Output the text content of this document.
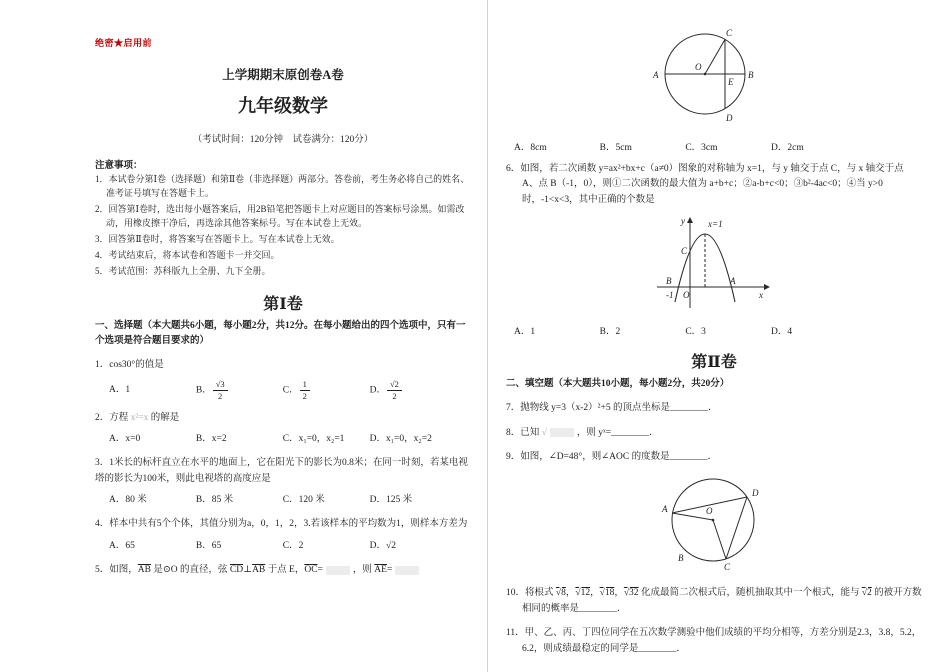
绝密★启用前
上学期期末原创卷A卷
九年级数学
（考试时间：120分钟　试卷满分：120分）
注意事项：
1．本试卷分第Ⅰ卷（选择题）和第Ⅱ卷（非选择题）两部分。答卷前，考生务必将自己的姓名、准考证号填写在答题卡上。
2．回答第Ⅰ卷时，选出每小题答案后，用2B铅笔把答题卡上对应题目的答案标号涂黑。如需改动，用橡皮擦干净后，再选涂其他答案标号。写在本试卷上无效。
3．回答第Ⅱ卷时，将答案写在答题卡上。写在本试卷上无效。
4．考试结束后，将本试卷和答题卡一并交回。
5．考试范围：苏科版九上全册、九下全册。
第Ⅰ卷
一、选择题（本大题共6小题，每小题2分，共12分。在每小题给出的四个选项中，只有一个选项是符合题目要求的）
1．cos30°的值是
A．1	B． $\frac{√3}{2}$	C． $\frac{1}{2}$	D． $\frac{√2}{2}$
2．方程 x²=x 的解是
A．x=0	B．x=2	C．x₁=0，x₂=1	D．x₁=0，x₂=2
3．1米长的标杆直立在水平的地面上，它在阳光下的影长为0.8米；在同一时刻，若某电视塔的影长为100米，则此电视塔的高度应是
A．80 米	B．85 米	C．120 米	D．125 米
4．样本中共有5个个体，其值分别为a，0，1，2，3.若该样本的平均数为1，则样本方差为
A．65	B．65	C．2	D．√2
5．如图，$\overline{AB}$ 是⊙O 的直径，弦 $\overline{CD}\perp\overline{AB}$ 于点 E，$\overline{OC}=$	，则 $\overline{AE}=$
A	B
C
D
E
O
A．8cm	B．5cm	C．3cm	D．2cm
6．如图，若二次函数 y=ax²+bx+c（a≠0）图象的对称轴为 x=1，与 y 轴交于点 C，与 x 轴交于点 A、点 B（-1，0），则①二次函数的最大值为 a+b+c；②a-b+c<0；③b²-4ac<0；④当 y>0 时，-1<x<3，其中正确的个数是
y
x
x=1
B
-1 O
A
C
A．1	B．2	C．3	D．4
第Ⅱ卷
二、填空题（本大题共10小题，每小题2分，共20分）
7．抛物线 y=3（x-2）²+5 的顶点坐标是________．
8．已知 √	，则 yˣ=________．
9．如图，∠D=48°，则∠AOC 的度数是________．
A
B
C
D
O
10．将根式 √8，√12，√18，√32 化成最简二次根式后，随机抽取其中一个根式，能与 √2 的被开方数相同的概率是________．
11．甲、乙、丙、丁四位同学在五次数学测验中他们成绩的平均分相等，方差分别是2.3，3.8，5.2，6.2，则成绩最稳定的同学是________．
